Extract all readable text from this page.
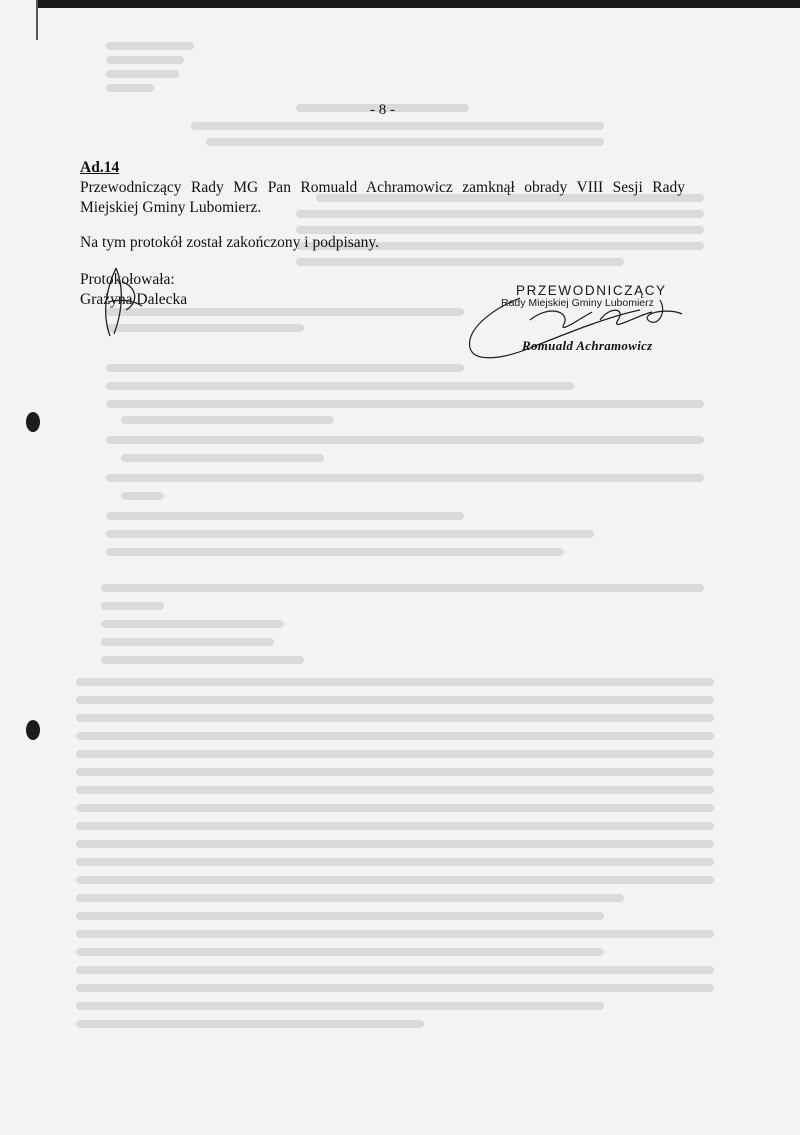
- 8 -
Ad.14
Przewodniczący Rady MG Pan Romuald Achramowicz zamknął obrady VIII Sesji Rady Miejskiej Gminy Lubomierz.
Na tym protokół został zakończony i podpisany.
Protokołowała:
Grażyna Dalecka
PRZEWODNICZĄCY
Rady Miejskiej Gminy Lubomierz
Romuald Achramowicz
